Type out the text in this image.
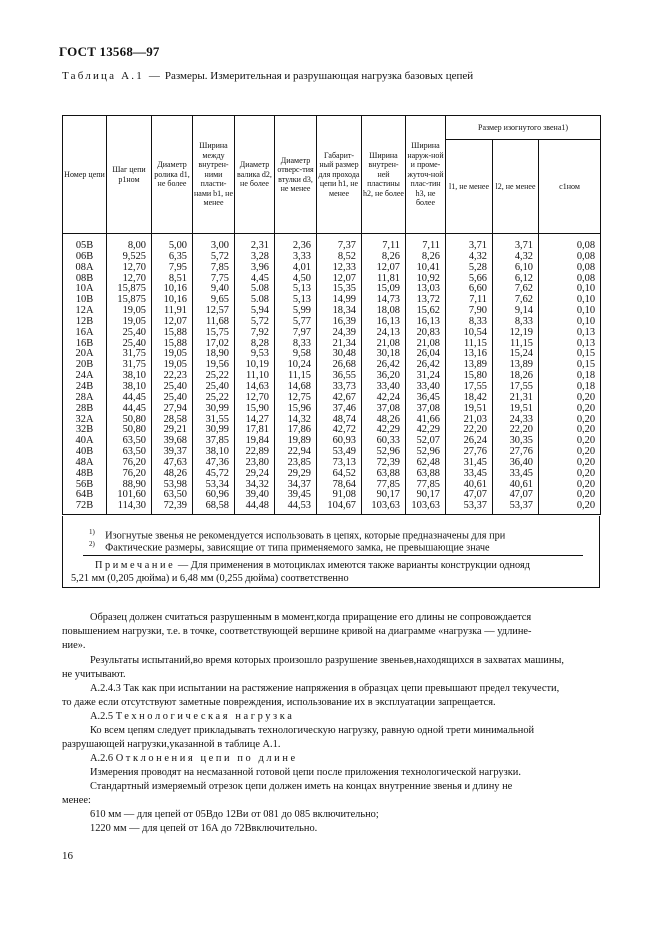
ГОСТ 13568—97
Таблица А.1 — Размеры. Измерительная и разрушающая нагрузка базовых цепей
Номер цепи	Шаг цепи p1ном	Диаметр ролика d1, не более	Ширина между внутрен-ними пласти-нами b1, не менее	Диаметр валика d2, не более	Диаметр отверс-тия втулки d3, не менее	Габарит-ный размер для прохода цепи h1, не менее	Ширина внутрен-ней пластины h2, не более	Ширина наруж-ной и проме-жуточ-ной плас-тин h3, не более	Размер изогнутого звена1)		
									l1, не менее	l2, не менее	c1ном
05B	8,00	5,00	3,00	2,31	2,36	7,37	7,11	7,11	3,71	3,71	0,08
06B	9,525	6,35	5,72	3,28	3,33	8,52	8,26	8,26	4,32	4,32	0,08
08A	12,70	7,95	7,85	3,96	4,01	12,33	12,07	10,41	5,28	6,10	0,08
08B	12,70	8,51	7,75	4,45	4,50	12,07	11,81	10,92	5,66	6,12	0,08
10A	15,875	10,16	9,40	5.08	5,13	15,35	15,09	13,03	6,60	7,62	0,10
10B	15,875	10,16	9,65	5.08	5,13	14,99	14,73	13,72	7,11	7,62	0,10
12A	19,05	11,91	12,57	5,94	5,99	18,34	18,08	15,62	7,90	9,14	0,10
12B	19,05	12,07	11,68	5,72	5,77	16,39	16,13	16,13	8,33	8,33	0,10
16A	25,40	15,88	15,75	7,92	7,97	24,39	24,13	20,83	10,54	12,19	0,13
16B	25,40	15,88	17,02	8,28	8,33	21,34	21,08	21,08	11,15	11,15	0,13
20A	31,75	19,05	18,90	9,53	9,58	30,48	30,18	26,04	13,16	15,24	0,15
20B	31,75	19,05	19,56	10,19	10,24	26,68	26,42	26,42	13,89	13,89	0,15
24A	38,10	22,23	25,22	11,10	11,15	36,55	36,20	31,24	15,80	18,26	0,18
24B	38,10	25,40	25,40	14,63	14,68	33,73	33,40	33,40	17,55	17,55	0,18
28A	44,45	25,40	25,22	12,70	12,75	42,67	42,24	36,45	18,42	21,31	0,20
28B	44,45	27,94	30,99	15,90	15,96	37,46	37,08	37,08	19,51	19,51	0,20
32A	50,80	28,58	31,55	14,27	14,32	48,74	48,26	41,66	21,03	24,33	0,20
32B	50,80	29,21	30,99	17,81	17,86	42,72	42,29	42,29	22,20	22,20	0,20
40A	63,50	39,68	37,85	19,84	19,89	60,93	60,33	52,07	26,24	30,35	0,20
40B	63,50	39,37	38,10	22,89	22,94	53,49	52,96	52,96	27,76	27,76	0,20
48A	76,20	47,63	47,36	23,80	23,85	73,13	72,39	62,48	31,45	36,40	0,20
48B	76,20	48,26	45,72	29,24	29,29	64,52	63,88	63,88	33,45	33,45	0,20
56B	88,90	53,98	53,34	34,32	34,37	78,64	77,85	77,85	40,61	40,61	0,20
64B	101,60	63,50	60,96	39,40	39,45	91,08	90,17	90,17	47,07	47,07	0,20
72B	114,30	72,39	68,58	44,48	44,53	104,67	103,63	103,63	53,37	53,37	0,20
$^{1)}$ Изогнутые звенья не рекомендуется использовать в цепях, которые предназначены для при
$^{2)}$ Фактические размеры, зависящие от типа применяемого замка, не превышающие значе
Примечание — Для применения в мотоциклах имеются также варианты конструкции однояд
5,21 мм (0,205 дюйма) и 6,48 мм (0,255 дюйма) соответственно
Образец должен считаться разрушенным в момент,когда приращение его длины не сопровождается
повышением нагрузки, т.е. в точке, соответствующей вершине кривой на диаграмме «нагрузка — удлине-
ние».
Результаты испытаний,во время которых произошло разрушение звеньев,находящихся в захватах машины,
не учитывают.
А.2.4.3 Так как при испытании на растяжение напряжения в образцах цепи превышают предел текучести,
то даже если отсутствуют заметные повреждения, использование их в эксплуатации запрещается.
А.2.5 Технологическая нагрузка
Ко всем цепям следует прикладывать технологическую нагрузку, равную одной трети минимальной
разрушающей нагрузки,указанной в таблице А.1.
А.2.6 Отклонения цепи по длине
Измерения проводят на несмазанной готовой цепи после приложения технологической нагрузки.
Стандартный измеряемый отрезок цепи должен иметь на концах внутренние звенья и длину не
менее:
610 мм — для цепей от 05Вдо 12Ви от 081 до 085 включительно;
1220 мм — для цепей от 16А до 72Ввключительно.
16
